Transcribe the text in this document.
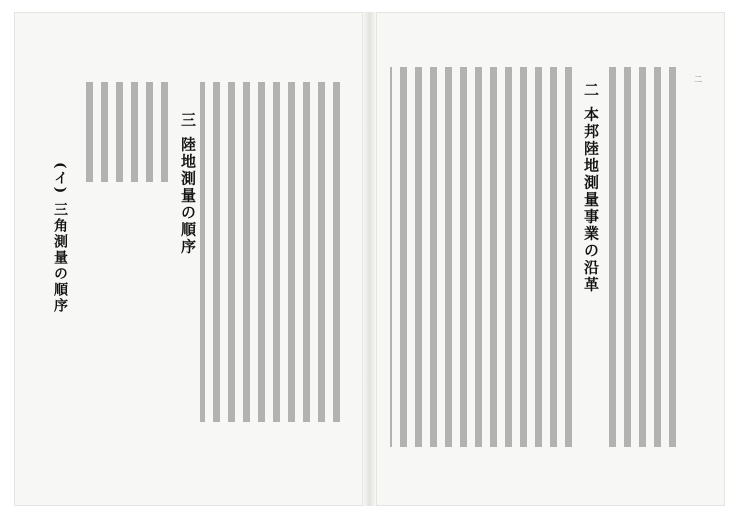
三 陸地測量の順序
(イ) 三角測量の順序	二 本邦陸地測量事業の沿革
二
